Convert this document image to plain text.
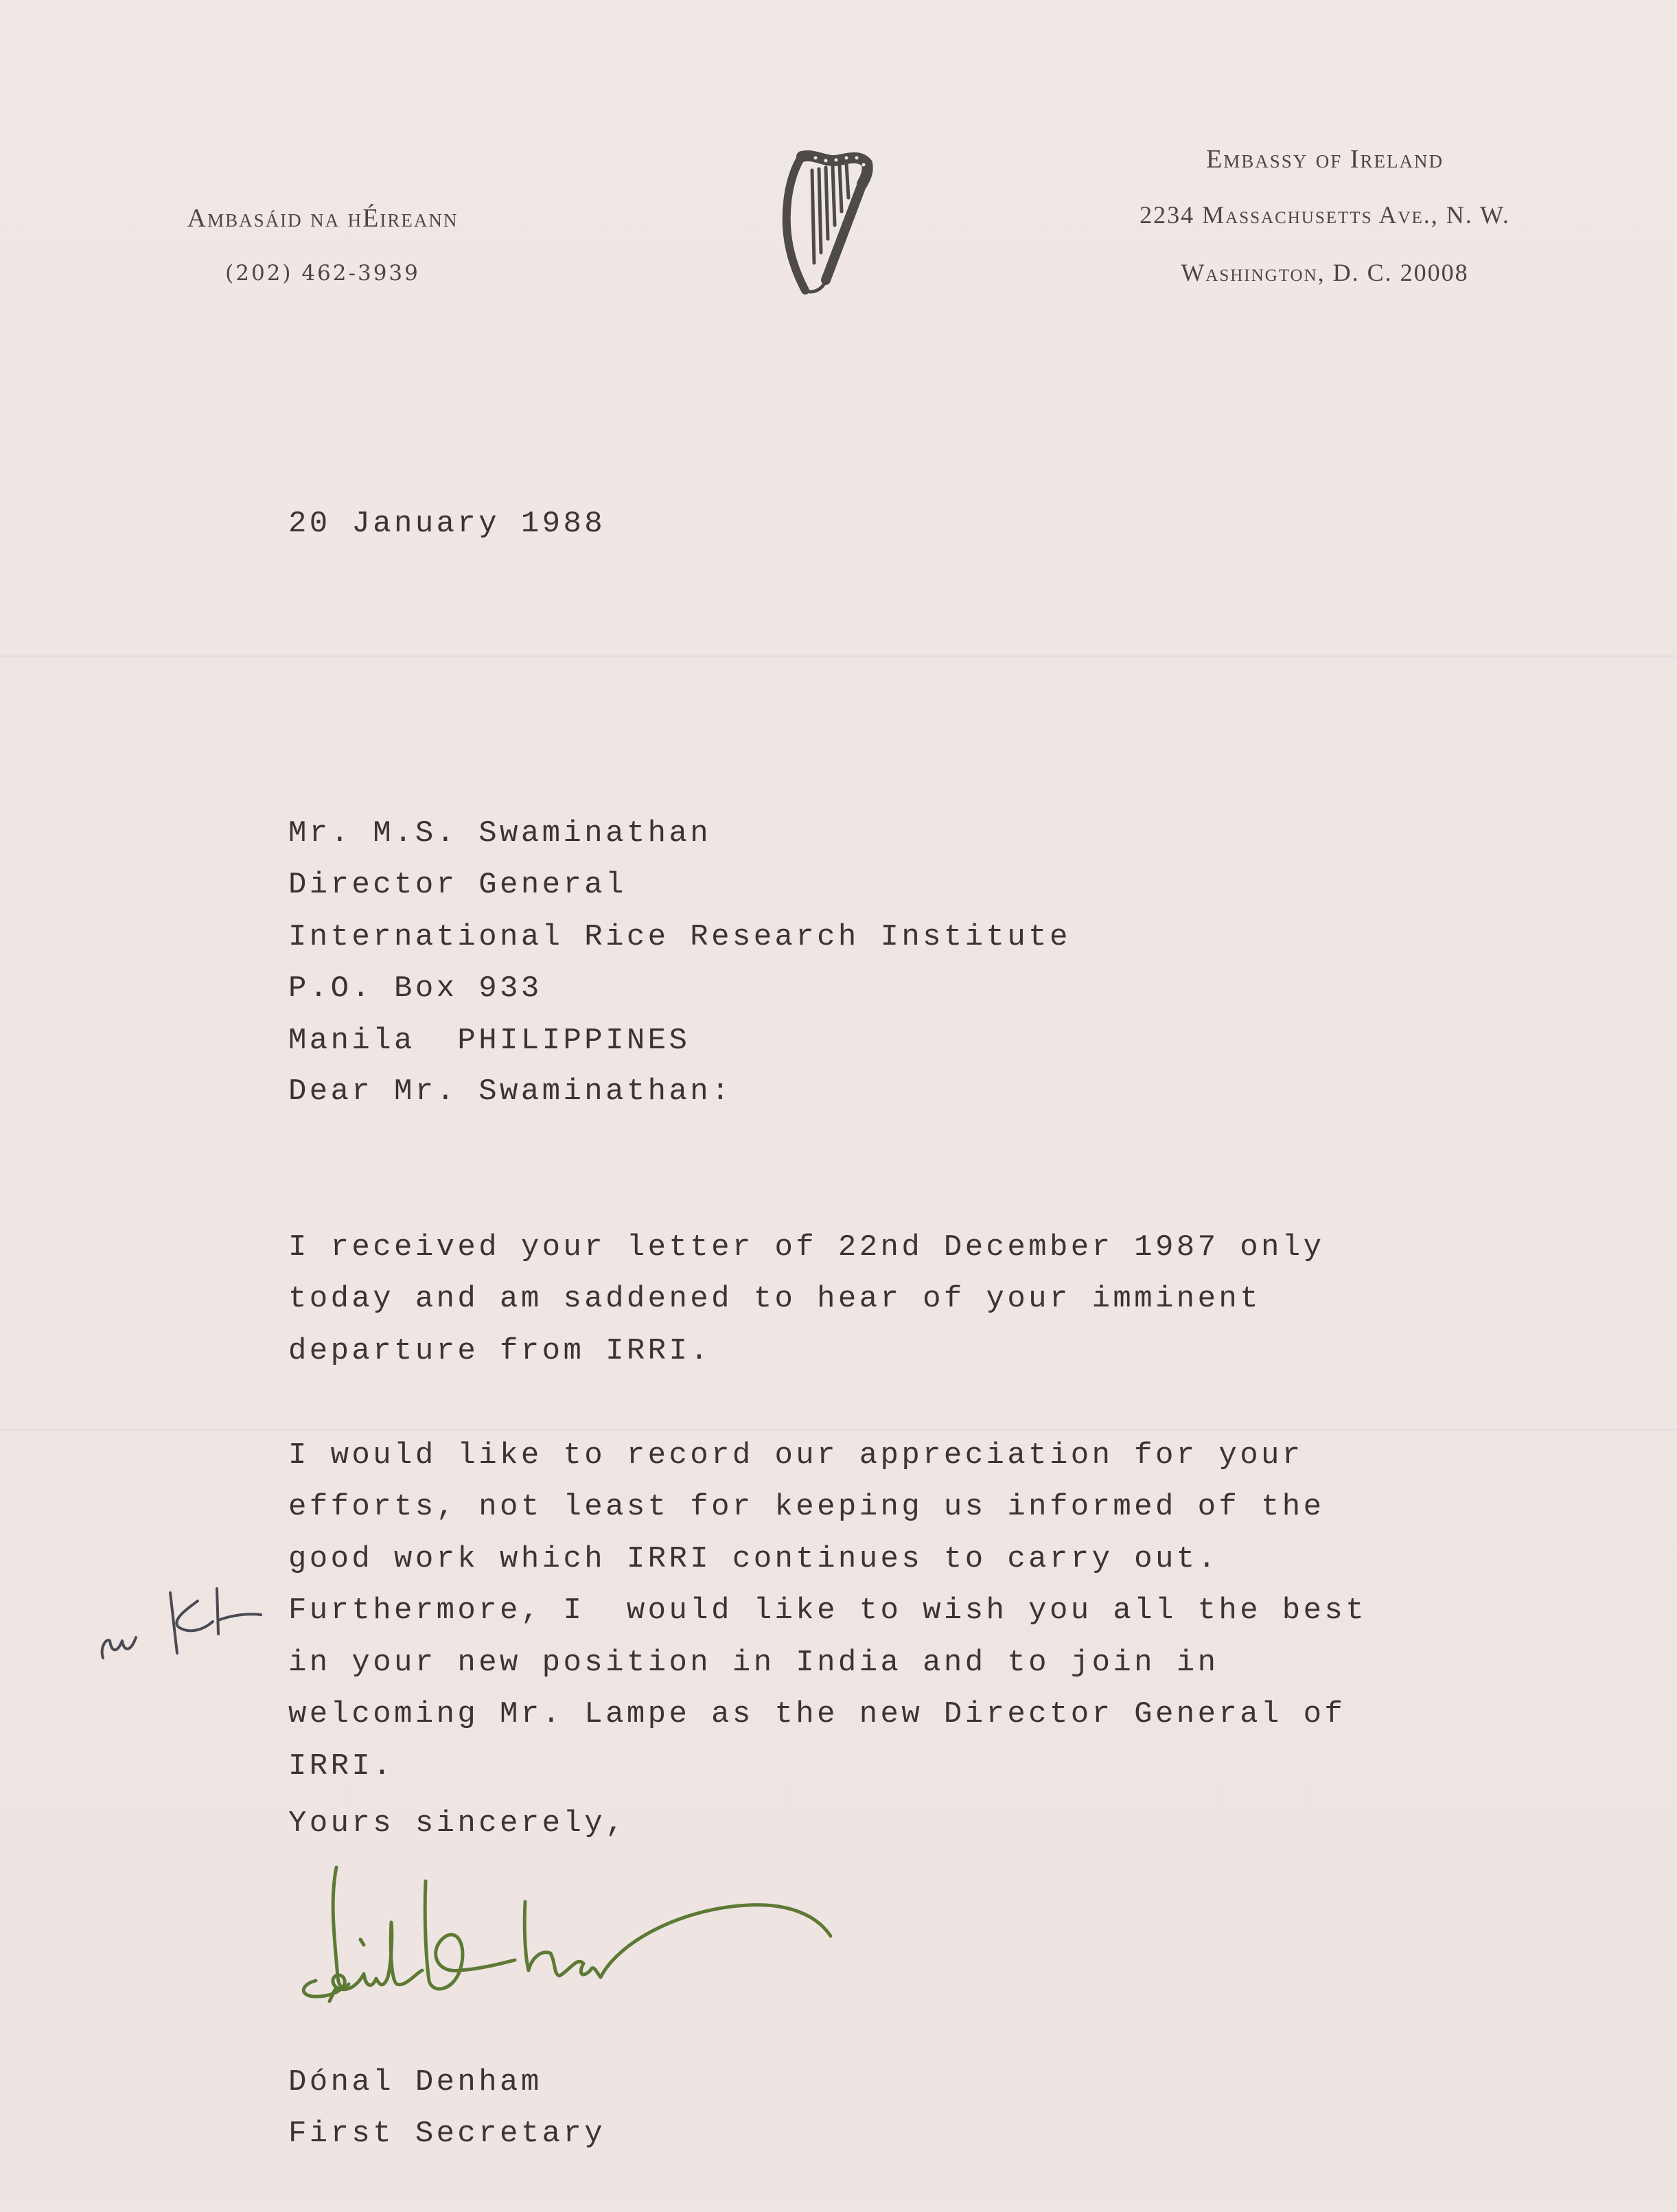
Ambasáid na hÉireann
(202) 462-3939
Embassy of Ireland
2234 Massachusetts Ave., N. W.
Washington, D. C. 20008
20 January 1988

Mr. M.S. Swaminathan
Director General
International Rice Research Institute
P.O. Box 933
Manila  PHILIPPINES

Dear Mr. Swaminathan:

I received your letter of 22nd December 1987 only
today and am saddened to hear of your imminent
departure from IRRI.

I would like to record our appreciation for your
efforts, not least for keeping us informed of the
good work which IRRI continues to carry out.
Furthermore, I  would like to wish you all the best
in your new position in India and to join in
welcoming Mr. Lampe as the new Director General of
IRRI.

Yours sincerely,

Dónal Denham
First Secretary
